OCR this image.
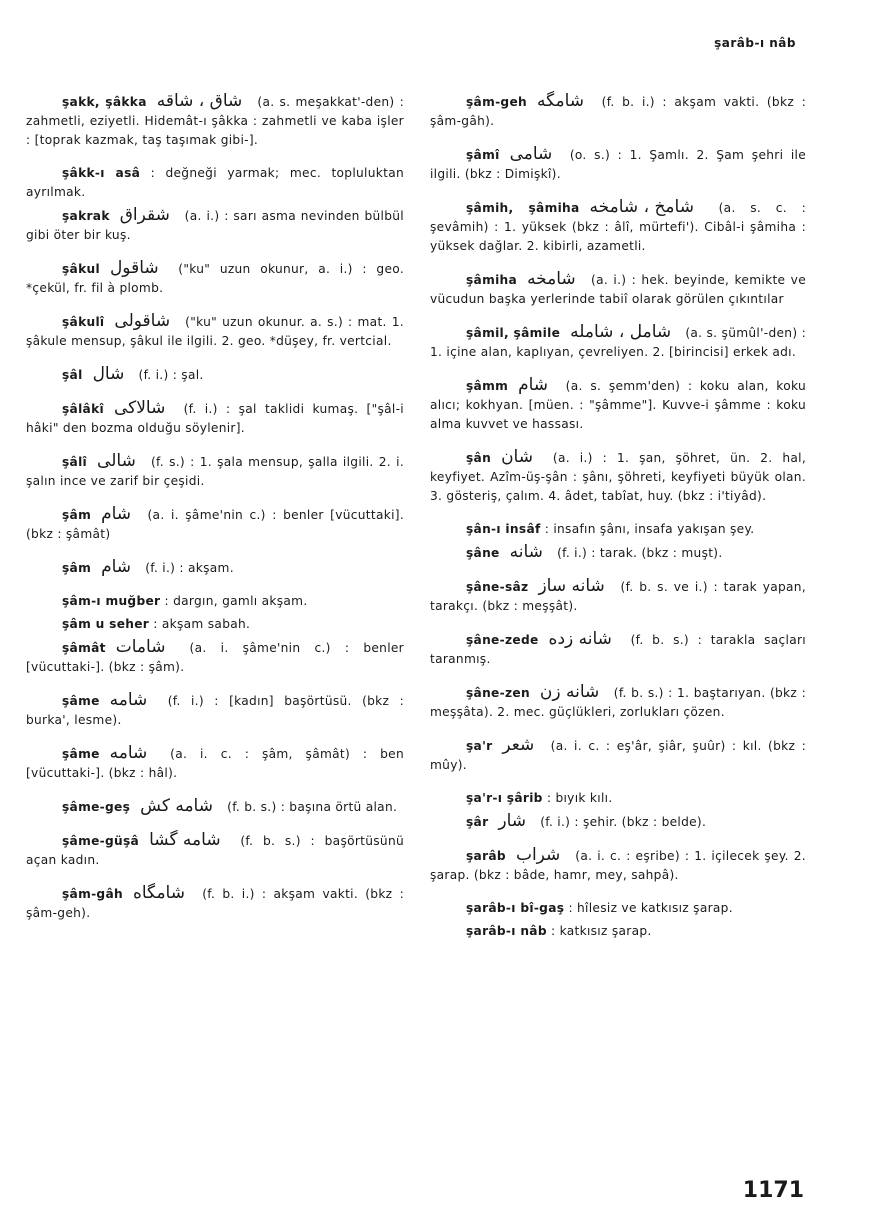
şarâb-ı nâb
şakk, şâkka شاق ، شاقه (a. s. meşakkat'-den) : zahmetli, eziyetli. Hidemât-ı şâkka : zahmetli ve kaba işler : [toprak kazmak, taş taşımak gibi-].
şâkk-ı asâ : değneği yarmak; mec. topluluktan ayrılmak.
şakrak شقراق (a. i.) : sarı asma nevinden bülbül gibi öter bir kuş.
şâkul شاقول ("ku" uzun okunur, a. i.) : geo. *çekül, fr. fil à plomb.
şâkulî شاقولى ("ku" uzun okunur. a. s.) : mat. 1. şâkule mensup, şâkul ile ilgili. 2. geo. *düşey, fr. vertcial.
şâl شال (f. i.) : şal.
şâlâkî شالاكى (f. i.) : şal taklidi kumaş. ["şâl-i hâki" den bozma olduğu söylenir].
şâlî شالى (f. s.) : 1. şala mensup, şalla ilgili. 2. i. şalın ince ve zarif bir çeşidi.
şâm شام (a. i. şâme'nin c.) : benler [vücuttaki]. (bkz : şâmât)
şâm شام (f. i.) : akşam.
şâm-ı muğber : dargın, gamlı akşam.
şâm u seher : akşam sabah.
şâmât شامات (a. i. şâme'nin c.) : benler [vücuttaki-]. (bkz : şâm).
şâme شامه (f. i.) : [kadın] başörtüsü. (bkz : burka', lesme).
şâme شامه (a. i. c. : şâm, şâmât) : ben [vücuttaki-]. (bkz : hâl).
şâme-geş شامه كش (f. b. s.) : başına örtü alan.
şâme-güşâ شامه گشا (f. b. s.) : başörtüsünü açan kadın.
şâm-gâh شامگاه (f. b. i.) : akşam vakti. (bkz : şâm-geh).
şâm-geh شامگه (f. b. i.) : akşam vakti. (bkz : şâm-gâh).
şâmî شامى (o. s.) : 1. Şamlı. 2. Şam şehri ile ilgili. (bkz : Dimişkî).
şâmih, şâmiha شامخ ، شامخه (a. s. c. : şevâmih) : 1. yüksek (bkz : âlî, mürtefi'). Cibâl-i şâmiha : yüksek dağlar. 2. kibirli, azametli.
şâmiha شامخه (a. i.) : hek. beyinde, kemikte ve vücudun başka yerlerinde tabiî olarak görülen çıkıntılar
şâmil, şâmile شامل ، شامله (a. s. şümûl'-den) : 1. içine alan, kaplıyan, çevreliyen. 2. [birincisi] erkek adı.
şâmm شام (a. s. şemm'den) : koku alan, koku alıcı; kokhyan. [müen. : "şâmme"]. Kuvve-i şâmme : koku alma kuvvet ve hassası.
şân شان (a. i.) : 1. şan, şöhret, ün. 2. hal, keyfiyet. Azîm-üş-şân : şânı, şöhreti, keyfiyeti büyük olan. 3. gösteriş, çalım. 4. âdet, tabîat, huy. (bkz : i'tiyâd).
şân-ı insâf : insafın şânı, insafa yakışan şey.
şâne شانه (f. i.) : tarak. (bkz : muşt).
şâne-sâz شانه ساز (f. b. s. ve i.) : tarak yapan, tarakçı. (bkz : meşşât).
şâne-zede شانه زده (f. b. s.) : tarakla saçları taranmış.
şâne-zen شانه زن (f. b. s.) : 1. baştarıyan. (bkz : meşşâta). 2. mec. güçlükleri, zorlukları çözen.
şa'r شعر (a. i. c. : eş'âr, şiâr, şuûr) : kıl. (bkz : mûy).
şa'r-ı şârib : bıyık kılı.
şâr شار (f. i.) : şehir. (bkz : belde).
şarâb شراب (a. i. c. : eşribe) : 1. içilecek şey. 2. şarap. (bkz : bâde, hamr, mey, sahpâ).
şarâb-ı bî-gaş : hîlesiz ve katkısız şarap.
şarâb-ı nâb : katkısız şarap.
1171
